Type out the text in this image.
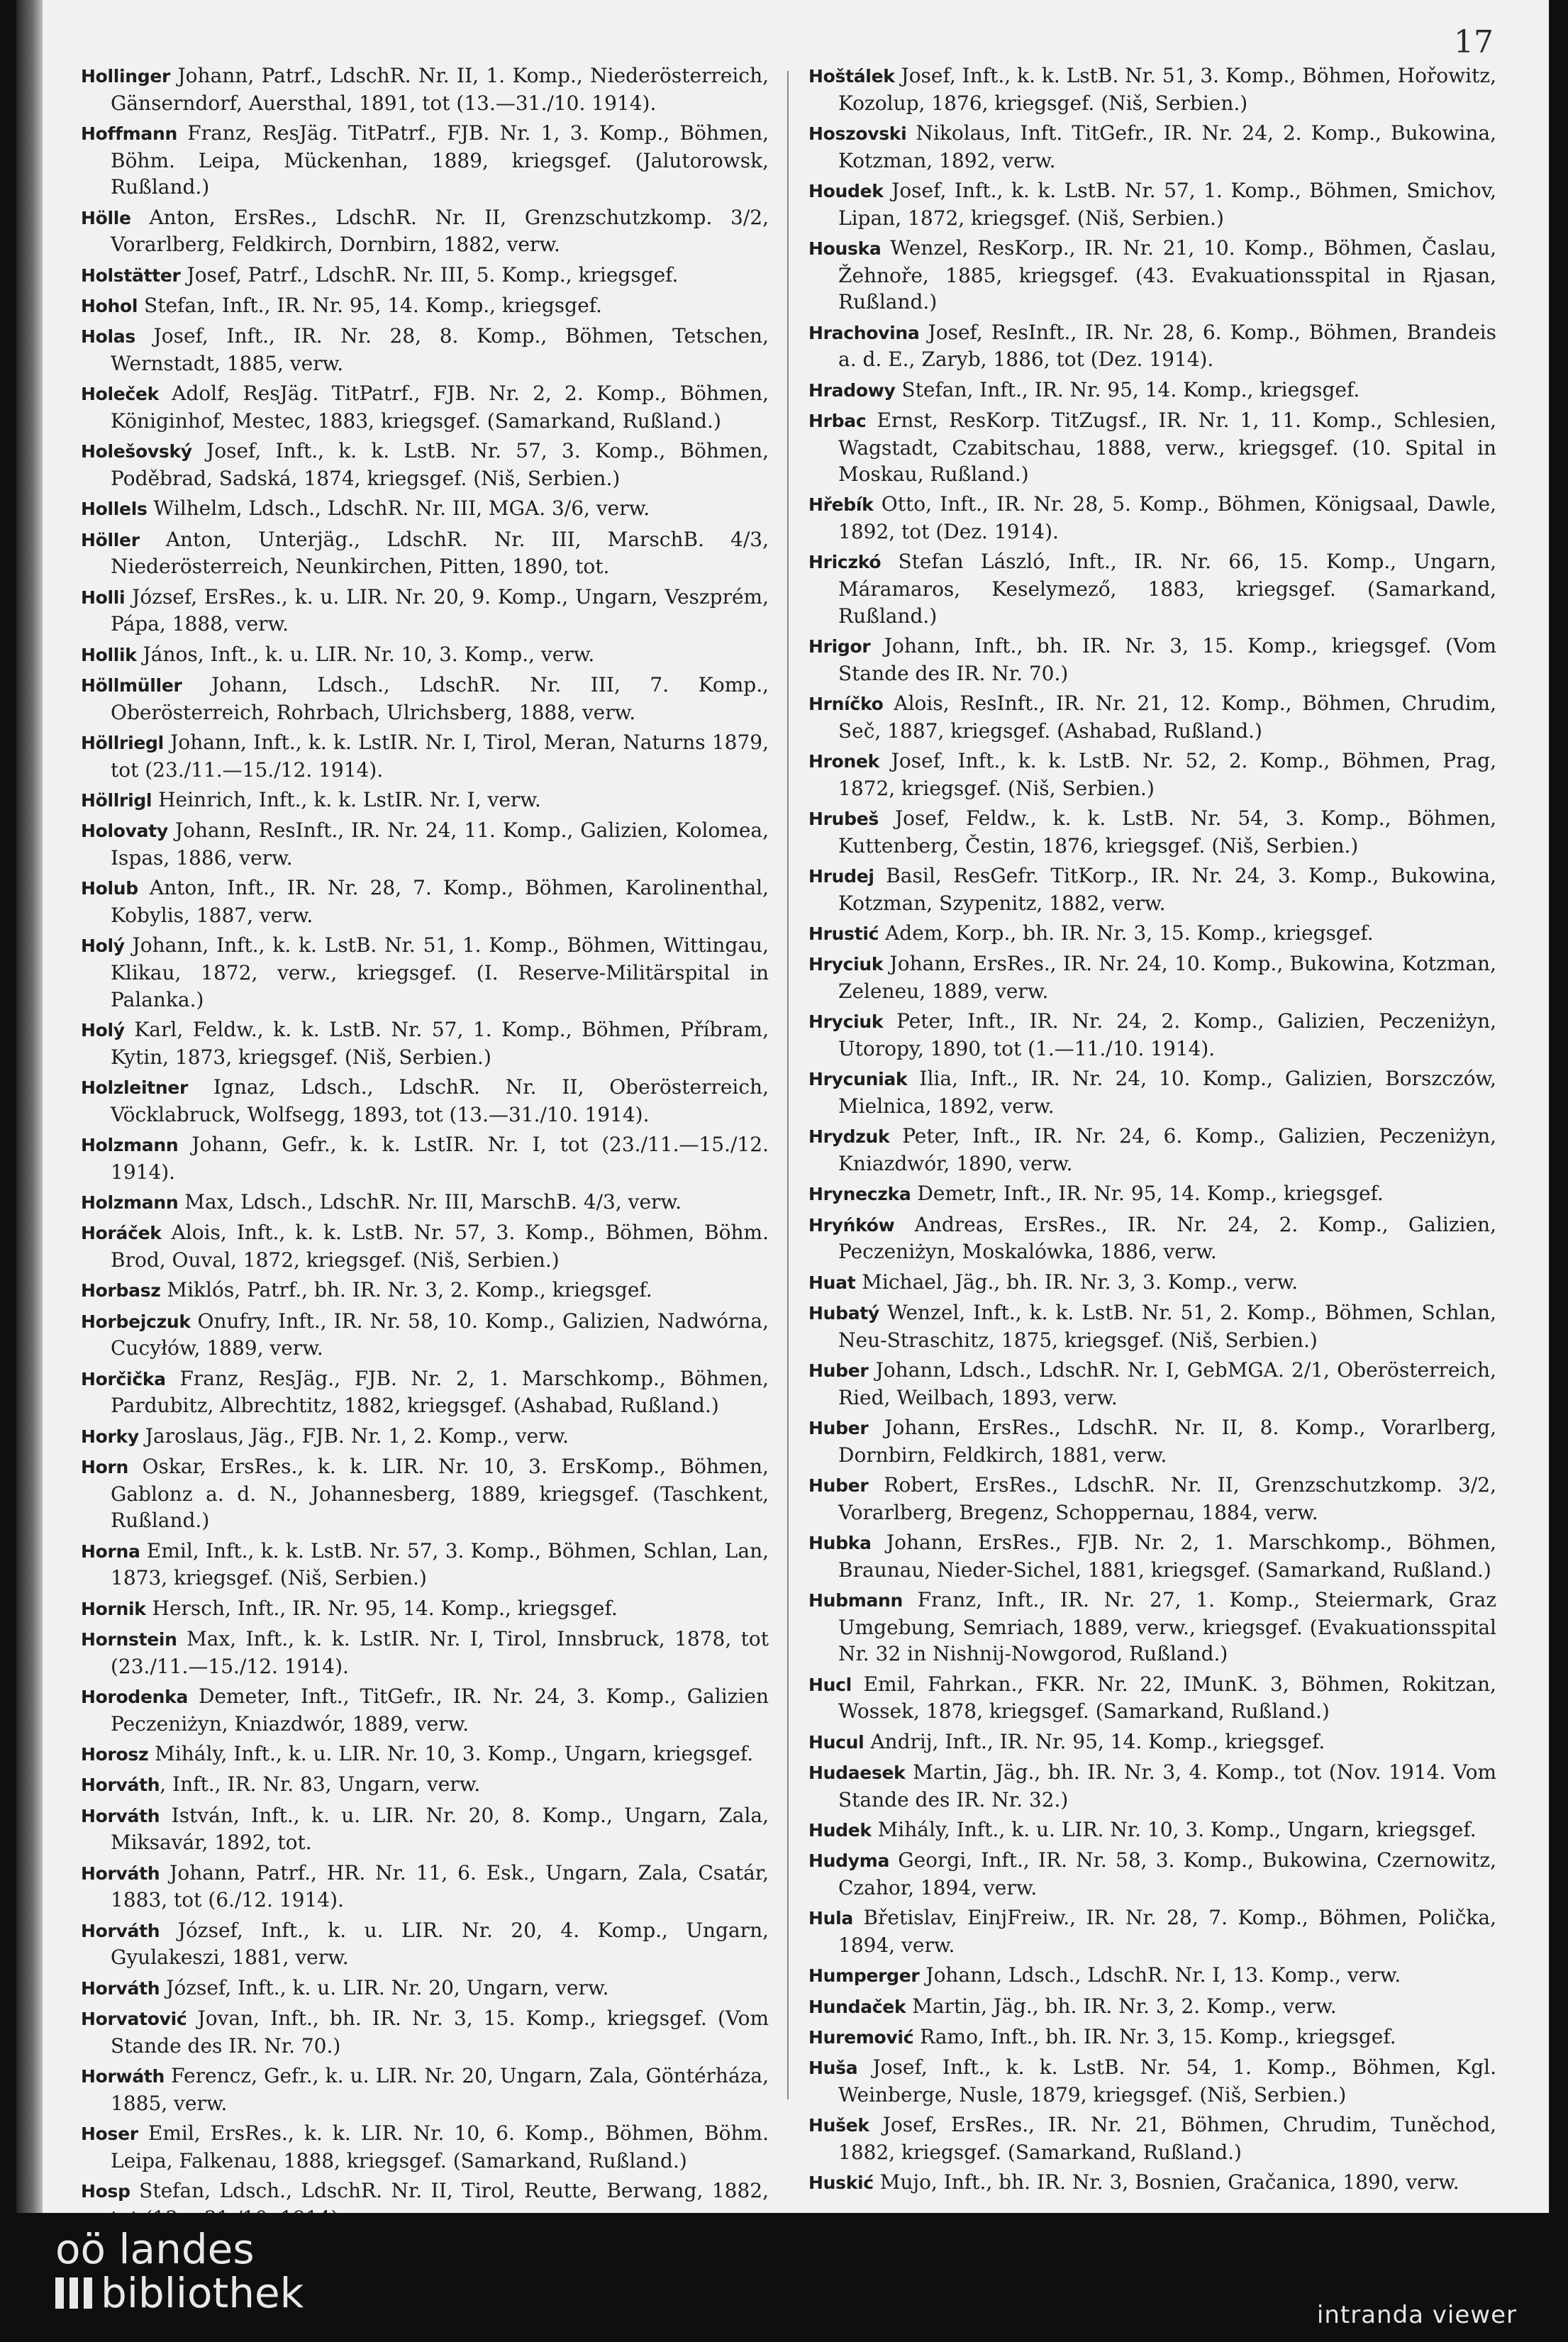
17

Hollinger Johann, Patrf., LdschR. Nr. II, 1. Komp., Niederösterreich, Gänserndorf, Auersthal, 1891, tot (13.—31./10. 1914).

Hoffmann Franz, ResJäg. TitPatrf., FJB. Nr. 1, 3. Komp., Böhmen, Böhm. Leipa, Mückenhan, 1889, kriegsgef. (Jalutorowsk, Rußland.)

Hölle Anton, ErsRes., LdschR. Nr. II, Grenzschutzkomp. 3/2, Vorarlberg, Feldkirch, Dornbirn, 1882, verw.

Holstätter Josef, Patrf., LdschR. Nr. III, 5. Komp., kriegsgef.

Hohol Stefan, Inft., IR. Nr. 95, 14. Komp., kriegsgef.

Holas Josef, Inft., IR. Nr. 28, 8. Komp., Böhmen, Tetschen, Wernstadt, 1885, verw.

Holeček Adolf, ResJäg. TitPatrf., FJB. Nr. 2, 2. Komp., Böhmen, Königinhof, Mestec, 1883, kriegsgef. (Samarkand, Rußland.)

Holešovský Josef, Inft., k. k. LstB. Nr. 57, 3. Komp., Böhmen, Poděbrad, Sadská, 1874, kriegsgef. (Niš, Serbien.)

Hollels Wilhelm, Ldsch., LdschR. Nr. III, MGA. 3/6, verw.

Höller Anton, Unterjäg., LdschR. Nr. III, MarschB. 4/3, Niederösterreich, Neunkirchen, Pitten, 1890, tot.

Holli József, ErsRes., k. u. LIR. Nr. 20, 9. Komp., Ungarn, Veszprém, Pápa, 1888, verw.

Hollik János, Inft., k. u. LIR. Nr. 10, 3. Komp., verw.

Höllmüller Johann, Ldsch., LdschR. Nr. III, 7. Komp., Oberösterreich, Rohrbach, Ulrichsberg, 1888, verw.

Höllriegl Johann, Inft., k. k. LstIR. Nr. I, Tirol, Meran, Naturns 1879, tot (23./11.—15./12. 1914).

Höllrigl Heinrich, Inft., k. k. LstIR. Nr. I, verw.

Holovaty Johann, ResInft., IR. Nr. 24, 11. Komp., Galizien, Kolomea, Ispas, 1886, verw.

Holub Anton, Inft., IR. Nr. 28, 7. Komp., Böhmen, Karolinenthal, Kobylis, 1887, verw.

Holý Johann, Inft., k. k. LstB. Nr. 51, 1. Komp., Böhmen, Wittingau, Klikau, 1872, verw., kriegsgef. (I. Reserve-Militärspital in Palanka.)

Holý Karl, Feldw., k. k. LstB. Nr. 57, 1. Komp., Böhmen, Příbram, Kytin, 1873, kriegsgef. (Niš, Serbien.)

Holzleitner Ignaz, Ldsch., LdschR. Nr. II, Oberösterreich, Vöcklabruck, Wolfsegg, 1893, tot (13.—31./10. 1914).

Holzmann Johann, Gefr., k. k. LstIR. Nr. I, tot (23./11.—15./12. 1914).

Holzmann Max, Ldsch., LdschR. Nr. III, MarschB. 4/3, verw.

Horáček Alois, Inft., k. k. LstB. Nr. 57, 3. Komp., Böhmen, Böhm. Brod, Ouval, 1872, kriegsgef. (Niš, Serbien.)

Horbasz Miklós, Patrf., bh. IR. Nr. 3, 2. Komp., kriegsgef.

Horbejczuk Onufry, Inft., IR. Nr. 58, 10. Komp., Galizien, Nadwórna, Cucyłów, 1889, verw.

Horčička Franz, ResJäg., FJB. Nr. 2, 1. Marschkomp., Böhmen, Pardubitz, Albrechtitz, 1882, kriegsgef. (Ashabad, Rußland.)

Horky Jaroslaus, Jäg., FJB. Nr. 1, 2. Komp., verw.

Horn Oskar, ErsRes., k. k. LIR. Nr. 10, 3. ErsKomp., Böhmen, Gablonz a. d. N., Johannesberg, 1889, kriegsgef. (Taschkent, Rußland.)

Horna Emil, Inft., k. k. LstB. Nr. 57, 3. Komp., Böhmen, Schlan, Lan, 1873, kriegsgef. (Niš, Serbien.)

Hornik Hersch, Inft., IR. Nr. 95, 14. Komp., kriegsgef.

Hornstein Max, Inft., k. k. LstIR. Nr. I, Tirol, Innsbruck, 1878, tot (23./11.—15./12. 1914).

Horodenka Demeter, Inft., TitGefr., IR. Nr. 24, 3. Komp., Galizien Peczeniżyn, Kniazdwór, 1889, verw.

Horosz Mihály, Inft., k. u. LIR. Nr. 10, 3. Komp., Ungarn, kriegsgef.

Horváth, Inft., IR. Nr. 83, Ungarn, verw.

Horváth István, Inft., k. u. LIR. Nr. 20, 8. Komp., Ungarn, Zala, Miksavár, 1892, tot.

Horváth Johann, Patrf., HR. Nr. 11, 6. Esk., Ungarn, Zala, Csatár, 1883, tot (6./12. 1914).

Horváth József, Inft., k. u. LIR. Nr. 20, 4. Komp., Ungarn, Gyulakeszi, 1881, verw.

Horváth József, Inft., k. u. LIR. Nr. 20, Ungarn, verw.

Horvatović Jovan, Inft., bh. IR. Nr. 3, 15. Komp., kriegsgef. (Vom Stande des IR. Nr. 70.)

Horwáth Ferencz, Gefr., k. u. LIR. Nr. 20, Ungarn, Zala, Göntérháza, 1885, verw.

Hoser Emil, ErsRes., k. k. LIR. Nr. 10, 6. Komp., Böhmen, Böhm. Leipa, Falkenau, 1888, kriegsgef. (Samarkand, Rußland.)

Hosp Stefan, Ldsch., LdschR. Nr. II, Tirol, Reutte, Berwang, 1882,

Hoštálek Josef, Inft., k. k. LstB. Nr. 51, 3. Komp., Böhmen, Hořowitz, Kozolup, 1876, kriegsgef. (Niš, Serbien.)

Hoszovski Nikolaus, Inft. TitGefr., IR. Nr. 24, 2. Komp., Bukowina, Kotzman, 1892, verw.

Houdek Josef, Inft., k. k. LstB. Nr. 57, 1. Komp., Böhmen, Smichov, Lipan, 1872, kriegsgef. (Niš, Serbien.)

Houska Wenzel, ResKorp., IR. Nr. 21, 10. Komp., Böhmen, Časlau, Žehnoře, 1885, kriegsgef. (43. Evakuationsspital in Rjasan, Rußland.)

Hrachovina Josef, ResInft., IR. Nr. 28, 6. Komp., Böhmen, Brandeis a. d. E., Zaryb, 1886, tot (Dez. 1914).

Hradowy Stefan, Inft., IR. Nr. 95, 14. Komp., kriegsgef.

Hrbac Ernst, ResKorp. TitZugsf., IR. Nr. 1, 11. Komp., Schlesien, Wagstadt, Czabitschau, 1888, verw., kriegsgef. (10. Spital in Moskau, Rußland.)

Hřebík Otto, Inft., IR. Nr. 28, 5. Komp., Böhmen, Königsaal, Dawle, 1892, tot (Dez. 1914).

Hriczkó Stefan László, Inft., IR. Nr. 66, 15. Komp., Ungarn, Máramaros, Keselymező, 1883, kriegsgef. (Samarkand, Rußland.)

Hrigor Johann, Inft., bh. IR. Nr. 3, 15. Komp., kriegsgef. (Vom Stande des IR. Nr. 70.)

Hrníčko Alois, ResInft., IR. Nr. 21, 12. Komp., Böhmen, Chrudim, Seč, 1887, kriegsgef. (Ashabad, Rußland.)

Hronek Josef, Inft., k. k. LstB. Nr. 52, 2. Komp., Böhmen, Prag, 1872, kriegsgef. (Niš, Serbien.)

Hrubeš Josef, Feldw., k. k. LstB. Nr. 54, 3. Komp., Böhmen, Kuttenberg, Čestin, 1876, kriegsgef. (Niš, Serbien.)

Hrudej Basil, ResGefr. TitKorp., IR. Nr. 24, 3. Komp., Bukowina, Kotzman, Szypenitz, 1882, verw.

Hrustić Adem, Korp., bh. IR. Nr. 3, 15. Komp., kriegsgef.

Hryciuk Johann, ErsRes., IR. Nr. 24, 10. Komp., Bukowina, Kotzman, Zeleneu, 1889, verw.

Hryciuk Peter, Inft., IR. Nr. 24, 2. Komp., Galizien, Peczeniżyn, Utoropy, 1890, tot (1.—11./10. 1914).

Hrycuniak Ilia, Inft., IR. Nr. 24, 10. Komp., Galizien, Borszczów, Mielnica, 1892, verw.

Hrydzuk Peter, Inft., IR. Nr. 24, 6. Komp., Galizien, Peczeniżyn, Kniazdwór, 1890, verw.

Hryneczka Demetr, Inft., IR. Nr. 95, 14. Komp., kriegsgef.

Hryńków Andreas, ErsRes., IR. Nr. 24, 2. Komp., Galizien, Peczeniżyn, Moskalówka, 1886, verw.

Huat Michael, Jäg., bh. IR. Nr. 3, 3. Komp., verw.

Hubatý Wenzel, Inft., k. k. LstB. Nr. 51, 2. Komp., Böhmen, Schlan, Neu-Straschitz, 1875, kriegsgef. (Niš, Serbien.)

Huber Johann, Ldsch., LdschR. Nr. I, GebMGA. 2/1, Oberösterreich, Ried, Weilbach, 1893, verw.

Huber Johann, ErsRes., LdschR. Nr. II, 8. Komp., Vorarlberg, Dornbirn, Feldkirch, 1881, verw.

Huber Robert, ErsRes., LdschR. Nr. II, Grenzschutzkomp. 3/2, Vorarlberg, Bregenz, Schoppernau, 1884, verw.

Hubka Johann, ErsRes., FJB. Nr. 2, 1. Marschkomp., Böhmen, Braunau, Nieder-Sichel, 1881, kriegsgef. (Samarkand, Rußland.)

Hubmann Franz, Inft., IR. Nr. 27, 1. Komp., Steiermark, Graz Umgebung, Semriach, 1889, verw., kriegsgef. (Evakuationsspital Nr. 32 in Nishnij-Nowgorod, Rußland.)

Hucl Emil, Fahrkan., FKR. Nr. 22, IMunK. 3, Böhmen, Rokitzan, Wossek, 1878, kriegsgef. (Samarkand, Rußland.)

Hucul Andrij, Inft., IR. Nr. 95, 14. Komp., kriegsgef.

Hudaesek Martin, Jäg., bh. IR. Nr. 3, 4. Komp., tot (Nov. 1914. Vom Stande des IR. Nr. 32.)

Hudek Mihály, Inft., k. u. LIR. Nr. 10, 3. Komp., Ungarn, kriegsgef.

Hudyma Georgi, Inft., IR. Nr. 58, 3. Komp., Bukowina, Czernowitz, Czahor, 1894, verw.

Hula Břetislav, EinjFreiw., IR. Nr. 28, 7. Komp., Böhmen, Polička, 1894, verw.

Humperger Johann, Ldsch., LdschR. Nr. I, 13. Komp., verw.

Hundaček Martin, Jäg., bh. IR. Nr. 3, 2. Komp., verw.

Huremović Ramo, Inft., bh. IR. Nr. 3, 15. Komp., kriegsgef.

Huša Josef, Inft., k. k. LstB. Nr. 54, 1. Komp., Böhmen, Kgl. Weinberge, Nusle, 1879, kriegsgef. (Niš, Serbien.)

Hušek Josef, ErsRes., IR. Nr. 21, Böhmen, Chrudim, Tuněchod, 1882, kriegsgef. (Samarkand, Rußland.)

Huskić Mujo, Inft., bh. IR. Nr. 3, Bosnien, Gračanica, 1890, verw.

oö landes
bibliothek	intranda viewer
